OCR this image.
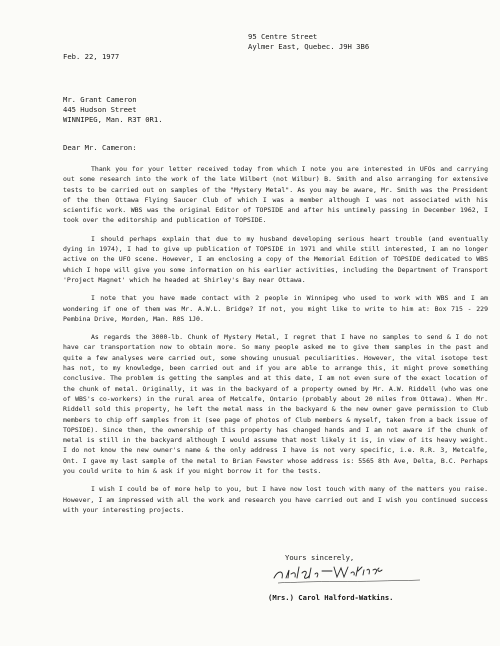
95 Centre Street
Aylmer East, Quebec. J9H 3B6
Feb. 22, 1977
Mr. Grant Cameron
445 Hudson Street
WINNIPEG, Man. R3T 0R1.
Dear Mr. Cameron:

Thank you for your letter received today from which I note you are interested in UFOs and carrying out some research into the work of the late Wilbert (not Wilbur) B. Smith and also arranging for extensive tests to be carried out on samples of the "Mystery Metal". As you may be aware, Mr. Smith was the President of the then Ottawa Flying Saucer Club of which I was a member although I was not associated with his scientific work. WBS was the original Editor of TOPSIDE and after his untimely passing in December 1962, I took over the editorship and publication of TOPSIDE.

I should perhaps explain that due to my husband developing serious heart trouble (and eventually dying in 1974), I had to give up publication of TOPSIDE in 1971 and while still interested, I am no longer active on the UFO scene. However, I am enclosing a copy of the Memorial Edition of TOPSIDE dedicated to WBS which I hope will give you some information on his earlier activities, including the Department of Transport 'Project Magnet' which he headed at Shirley's Bay near Ottawa.

I note that you have made contact with 2 people in Winnipeg who used to work with WBS and I am wondering if one of them was Mr. A.W.L. Bridge? If not, you might like to write to him at: Box 715 - 229 Pembina Drive, Morden, Man. R0S 1J0.

As regards the 3000-lb. Chunk of Mystery Metal, I regret that I have no samples to send & I do not have car transportation now to obtain more. So many people asked me to give them samples in the past and quite a few analyses were carried out, some showing unusual peculiarities. However, the vital isotope test has not, to my knowledge, been carried out and if you are able to arrange this, it might prove something conclusive. The problem is getting the samples and at this date, I am not even sure of the exact location of the chunk of metal. Originally, it was in the backyard of a property owned by Mr. A.W. Riddell (who was one of WBS's co-workers) in the rural area of Metcalfe, Ontario (probably about 20 miles from Ottawa). When Mr. Riddell sold this property, he left the metal mass in the backyard & the new owner gave permission to Club members to chip off samples from it (see page of photos of Club members & myself, taken from a back issue of TOPSIDE). Since then, the ownership of this property has changed hands and I am not aware if the chunk of metal is still in the backyard although I would assume that most likely it is, in view of its heavy weight. I do not know the new owner's name & the only address I have is not very specific, i.e. R.R. 3, Metcalfe, Ont. I gave my last sample of the metal to Brian Fewster whose address is: 5565 8th Ave, Delta, B.C. Perhaps you could write to him & ask if you might borrow it for the tests.

I wish I could be of more help to you, but I have now lost touch with many of the matters you raise. However, I am impressed with all the work and research you have carried out and I wish you continued success with your interesting projects.

Yours sincerely,
(Mrs.) Carol Halford-Watkins.
